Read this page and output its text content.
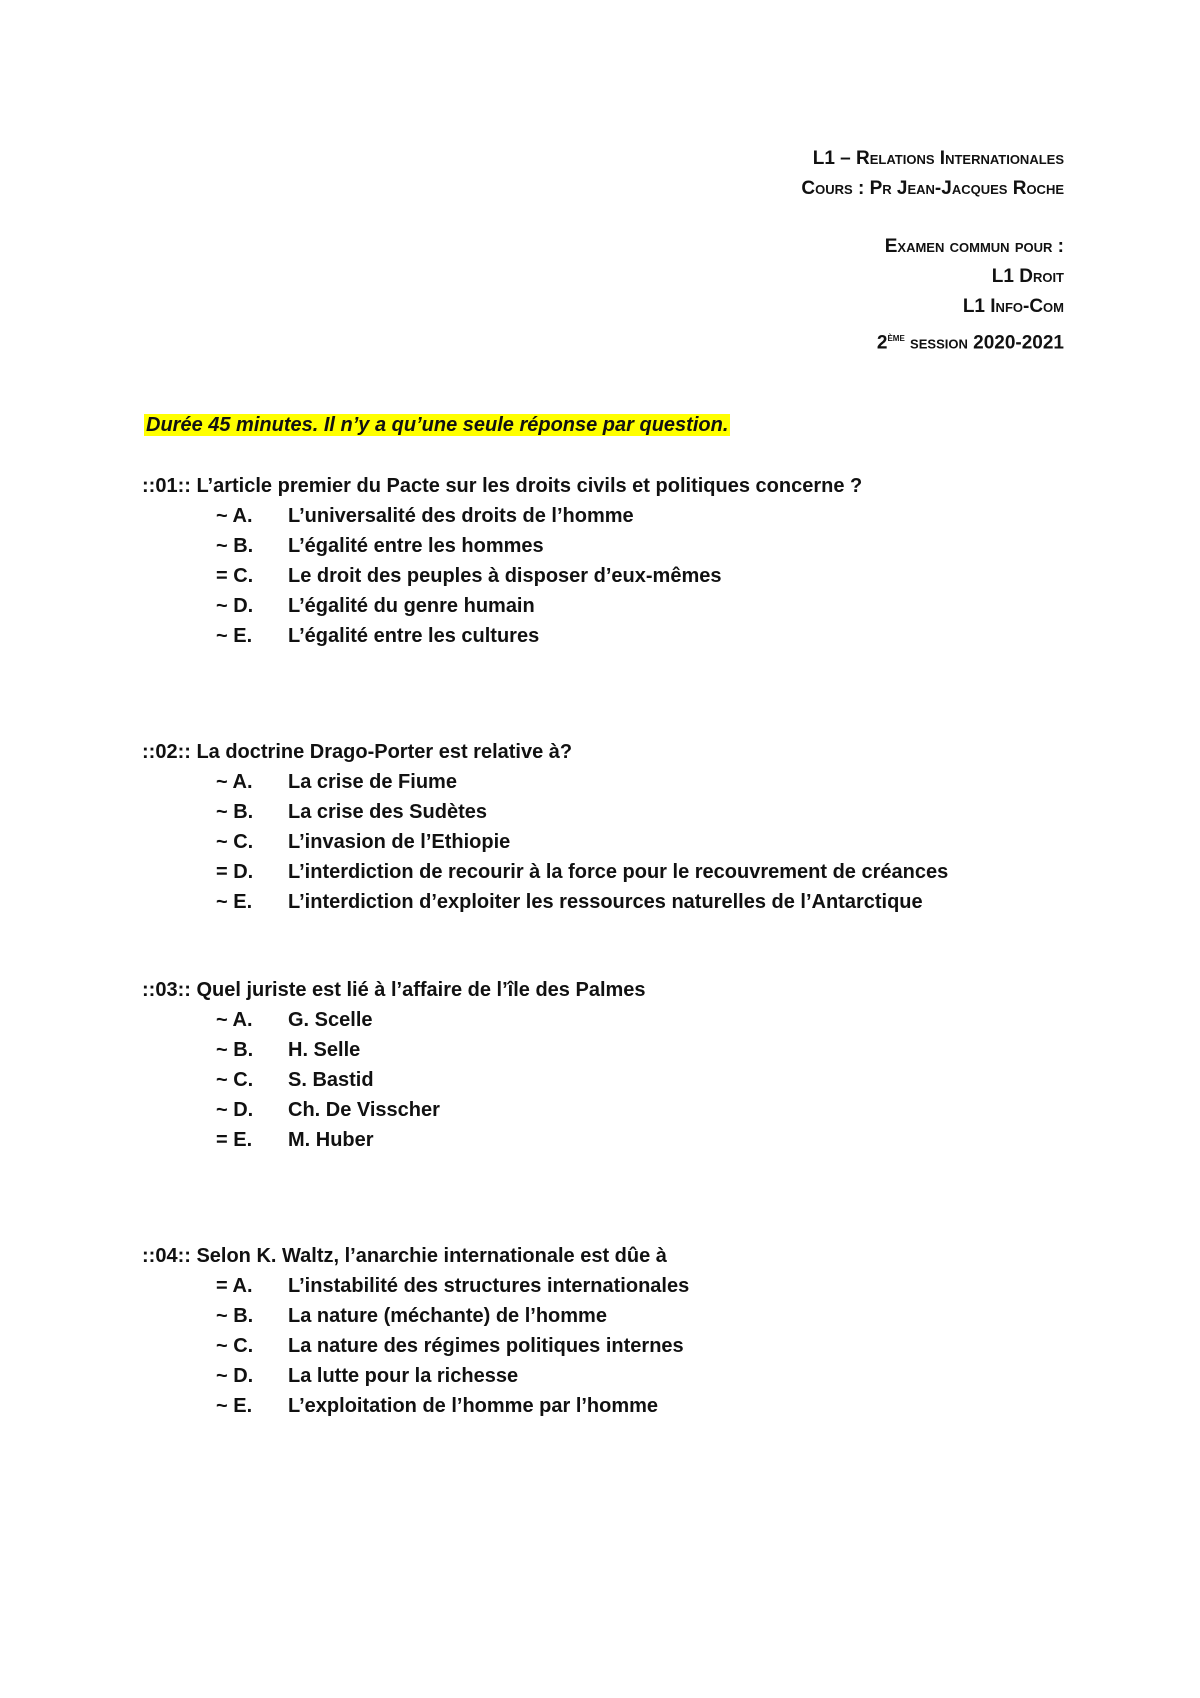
L1 – Relations Internationales
Cours : Pr Jean-Jacques Roche
Examen commun pour :
L1 Droit
L1 Info-Com
2ème session 2020-2021
Durée 45 minutes. Il n’y a qu’une seule réponse par question.
::01:: L’article premier du Pacte sur les droits civils et politiques concerne ?
~ A.	L’universalité des droits de l’homme
~ B.	L’égalité entre les hommes
= C.	Le droit des peuples à disposer d’eux-mêmes
~ D.	L’égalité du genre humain
~ E.	L’égalité entre les cultures
::02:: La doctrine Drago-Porter est relative à?
~ A.	La crise de Fiume
~ B.	La crise des Sudètes
~ C.	L’invasion de l’Ethiopie
= D.	L’interdiction de recourir à la force pour le recouvrement de créances
~ E.	L’interdiction d’exploiter les ressources naturelles de l’Antarctique
::03:: Quel juriste est lié à l’affaire de l’île des Palmes
~ A.	G. Scelle
~ B.	H. Selle
~ C.	S. Bastid
~ D.	Ch. De Visscher
= E.	M. Huber
::04:: Selon K. Waltz, l’anarchie internationale est dûe à
= A.	L’instabilité des structures internationales
~ B.	La nature (méchante) de l’homme
~ C.	La nature des régimes politiques internes
~ D.	La lutte pour la richesse
~ E.	L’exploitation de l’homme par l’homme
